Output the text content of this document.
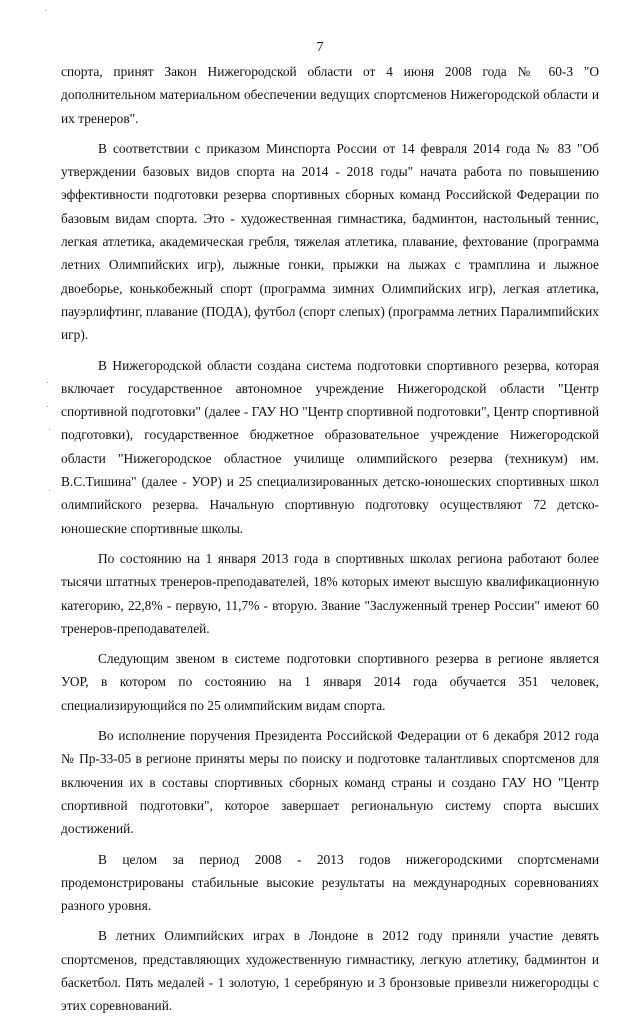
7

спорта, принят Закон Нижегородской области от 4 июня 2008 года № 60-З "О дополнительном материальном обеспечении ведущих спортсменов Нижегородской области и их тренеров".

В соответствии с приказом Минспорта России от 14 февраля 2014 года № 83 "Об утверждении базовых видов спорта на 2014 - 2018 годы" начата работа по повышению эффективности подготовки резерва спортивных сборных команд Российской Федерации по базовым видам спорта. Это - художественная гимнастика, бадминтон, настольный теннис, легкая атлетика, академическая гребля, тяжелая атлетика, плавание, фехтование (программа летних Олимпийских игр), лыжные гонки, прыжки на лыжах с трамплина и лыжное двоеборье, конькобежный спорт (программа зимних Олимпийских игр), легкая атлетика, пауэрлифтинг, плавание (ПОДА), футбол (спорт слепых) (программа летних Паралимпийских игр).

В Нижегородской области создана система подготовки спортивного резерва, которая включает государственное автономное учреждение Нижегородской области "Центр спортивной подготовки" (далее - ГАУ НО "Центр спортивной подготовки", Центр спортивной подготовки), государственное бюджетное образовательное учреждение Нижегородской области "Нижегородское областное училище олимпийского резерва (техникум) им. В.С.Тишина" (далее - УОР) и 25 специализированных детско-юношеских спортивных школ олимпийского резерва. Начальную спортивную подготовку осуществляют 72 детско-юношеские спортивные школы.

По состоянию на 1 января 2013 года в спортивных школах региона работают более тысячи штатных тренеров-преподавателей, 18% которых имеют высшую квалификационную категорию, 22,8% - первую, 11,7% - вторую. Звание "Заслуженный тренер России" имеют 60 тренеров-преподавателей.

Следующим звеном в системе подготовки спортивного резерва в регионе является УОР, в котором по состоянию на 1 января 2014 года обучается 351 человек, специализирующийся по 25 олимпийским видам спорта.

Во исполнение поручения Президента Российской Федерации от 6 декабря 2012 года № Пр-33-05 в регионе приняты меры по поиску и подготовке талантливых спортсменов для включения их в составы спортивных сборных команд страны и создано ГАУ НО "Центр спортивной подготовки", которое завершает региональную систему спорта высших достижений.

В целом за период 2008 - 2013 годов нижегородскими спортсменами продемонстрированы стабильные высокие результаты на международных соревнованиях разного уровня.

В летних Олимпийских играх в Лондоне в 2012 году приняли участие девять спортсменов, представляющих художественную гимнастику, легкую атлетику, бадминтон и баскетбол. Пять медалей - 1 золотую, 1 серебряную и 3 бронзовые привезли нижегородцы с этих соревнований.

·
·
·
·
·
